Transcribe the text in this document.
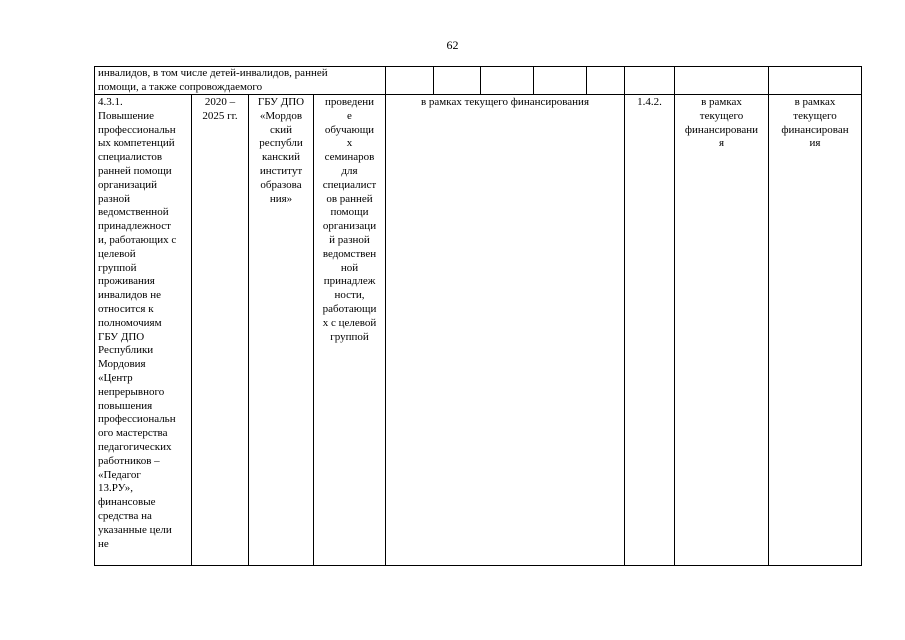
62
инвалидов, в том числе детей-инвалидов, ранней
помощи, а также сопровождаемого
4.3.1.
Повышение
профессиональн
ых компетенций
специалистов
ранней помощи
организаций
разной
ведомственной
принадлежност
и, работающих с
целевой
группой
проживания
инвалидов не
относится к
полномочиям
ГБУ ДПО
Республики
Мордовия
«Центр
непрерывного
повышения
профессиональн
ого мастерства
педагогических
работников –
«Педагог
13.РУ»,
финансовые
средства на
указанные цели
не
2020 –
2025 гг.
ГБУ ДПО
«Мордов
ский
республи
канский
институт
образова
ния»
проведени
е
обучающи
х
семинаров
для
специалист
ов ранней
помощи
организаци
й разной
ведомствен
ной
принадлеж
ности,
работающи
х с целевой
группой
в рамках текущего финансирования	1.4.2.	в рамках
текущего
финансировани
я
в рамках
текущего
финансирован
ия
